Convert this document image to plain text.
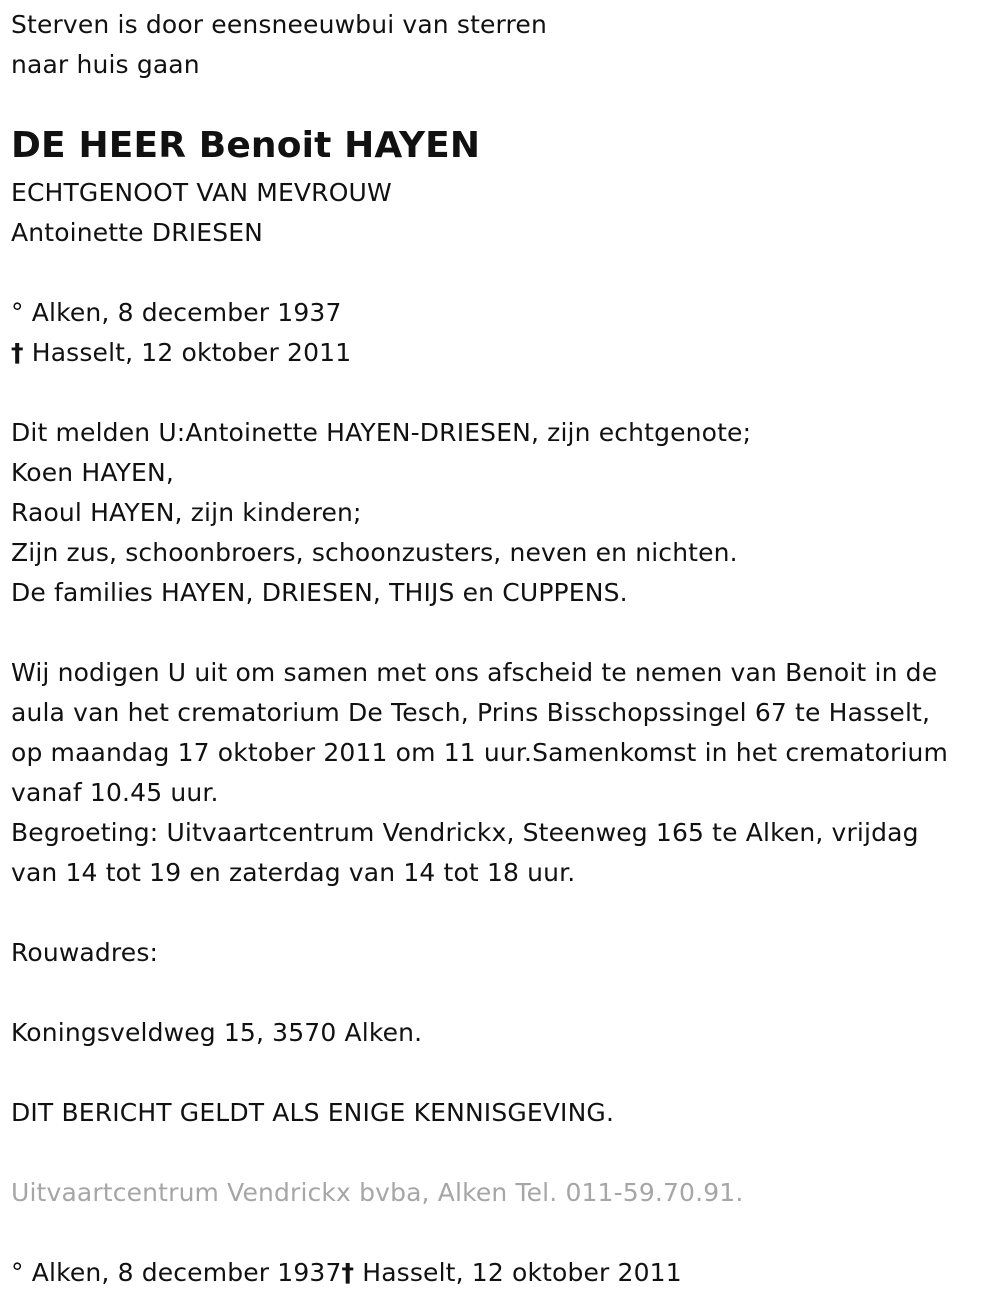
Sterven is door eensneeuwbui van sterren
naar huis gaan
DE HEER Benoit HAYEN
ECHTGENOOT VAN MEVROUW
Antoinette DRIESEN
° Alken, 8 december 1937
† Hasselt, 12 oktober 2011
Dit melden U:Antoinette HAYEN-DRIESEN, zijn echtgenote;
Koen HAYEN,
Raoul HAYEN, zijn kinderen;
Zijn zus, schoonbroers, schoonzusters, neven en nichten.
De families HAYEN, DRIESEN, THIJS en CUPPENS.
Wij nodigen U uit om samen met ons afscheid te nemen van Benoit in de
aula van het crematorium De Tesch, Prins Bisschopssingel 67 te Hasselt,
op maandag 17 oktober 2011 om 11 uur.Samenkomst in het crematorium
vanaf 10.45 uur.
Begroeting: Uitvaartcentrum Vendrickx, Steenweg 165 te Alken, vrijdag
van 14 tot 19 en zaterdag van 14 tot 18 uur.
Rouwadres:
Koningsveldweg 15, 3570 Alken.
DIT BERICHT GELDT ALS ENIGE KENNISGEVING.
Uitvaartcentrum Vendrickx bvba, Alken Tel. 011-59.70.91.
° Alken, 8 december 1937† Hasselt, 12 oktober 2011
